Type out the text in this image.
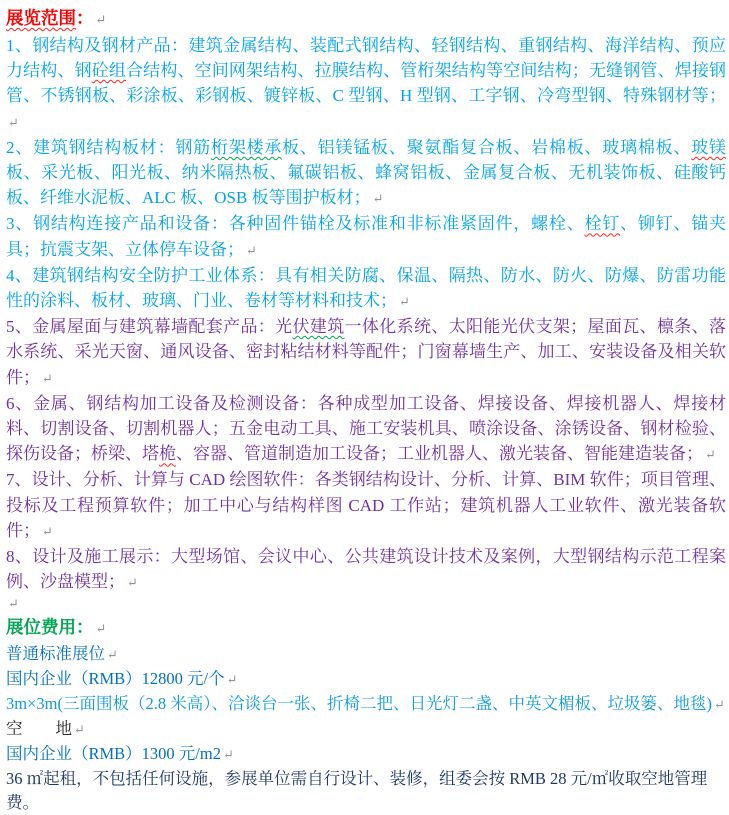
展览范围： ↵

1、钢结构及钢材产品：建筑金属结构、装配式钢结构、轻钢结构、重钢结构、海洋结构、预应力结构、钢砼组合结构、空间网架结构、拉膜结构、管桁架结构等空间结构；无缝钢管、焊接钢管、不锈钢板、彩涂板、彩钢板、镀锌板、C 型钢、H 型钢、工字钢、冷弯型钢、特殊钢材等；↵

2、建筑钢结构板材：钢筋桁架楼承板、铝镁锰板、聚氨酯复合板、岩棉板、玻璃棉板、玻镁板、采光板、阳光板、纳米隔热板、氟碳铝板、蜂窝铝板、金属复合板、无机装饰板、硅酸钙板、纤维水泥板、ALC 板、OSB 板等围护板材； ↵

3、钢结构连接产品和设备：各种固件锚栓及标准和非标准紧固件，螺栓、栓钉、铆钉、锚夹具；抗震支架、立体停车设备； ↵

4、建筑钢结构安全防护工业体系：具有相关防腐、保温、隔热、防水、防火、防爆、防雷功能性的涂料、板材、玻璃、门业、卷材等材料和技术； ↵

5、金属屋面与建筑幕墙配套产品：光伏建筑一体化系统、太阳能光伏支架；屋面瓦、檩条、落水系统、采光天窗、通风设备、密封粘结材料等配件；门窗幕墙生产、加工、安装设备及相关软件； ↵

6、金属、钢结构加工设备及检测设备：各种成型加工设备、焊接设备、焊接机器人、焊接材料、切割设备、切割机器人；五金电动工具、施工安装机具、喷涂设备、涂锈设备、钢材检验、探伤设备；桥梁、塔桅、容器、管道制造加工设备；工业机器人、激光装备、智能建造装备； ↵

7、设计、分析、计算与 CAD 绘图软件：各类钢结构设计、分析、计算、BIM 软件；项目管理、投标及工程预算软件；加工中心与结构样图 CAD 工作站；建筑机器人工业软件、激光装备软件； ↵

8、设计及施工展示：大型场馆、会议中心、公共建筑设计技术及案例，大型钢结构示范工程案例、沙盘模型； ↵

↵

展位费用： ↵

普通标准展位 ↵

国内企业（RMB）12800 元/个 ↵

3m×3m(三面围板（2.8 米高）、洽谈台一张、折椅二把、日光灯二盏、中英文楣板、垃圾篓、地毯) ↵

空　　地 ↵

国内企业（RMB）1300 元/m2 ↵

36 ㎡起租，不包括任何设施，参展单位需自行设计、装修，组委会按 RMB 28 元/㎡收取空地管理费。
